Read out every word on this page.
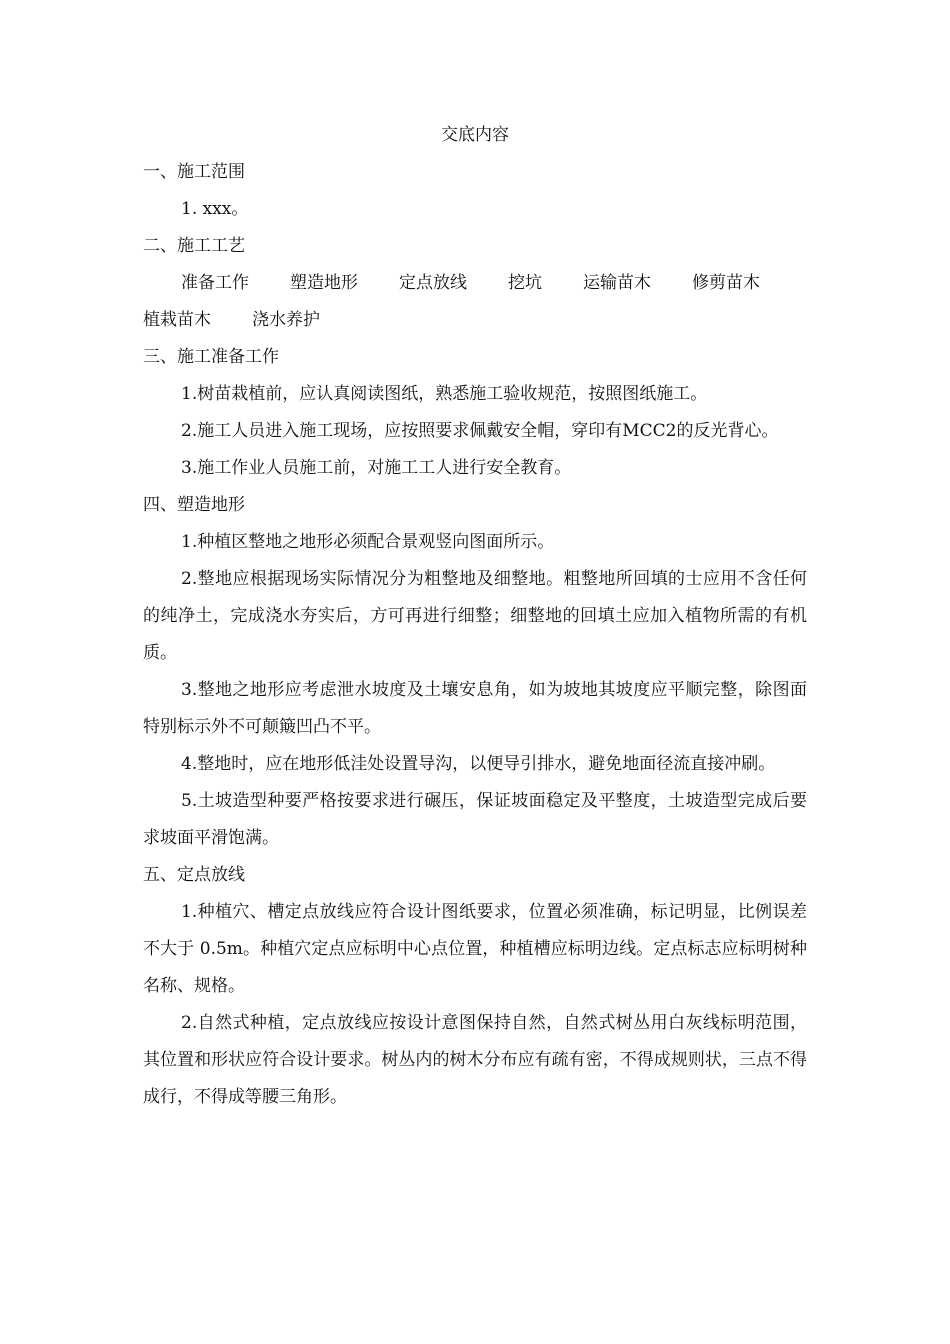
交底内容
一、施工范围

1. xxx。

二、施工工艺
准备工作 塑造地形 定点放线 挖坑 运输苗木 修剪苗木
植栽苗木 浇水养护
三、施工准备工作

1.树苗栽植前，应认真阅读图纸，熟悉施工验收规范，按照图纸施工。

2.施工人员进入施工现场，应按照要求佩戴安全帽，穿印有MCC2的反光背心。

3.施工作业人员施工前，对施工工人进行安全教育。

四、塑造地形

1.种植区整地之地形必须配合景观竖向图面所示。

2.整地应根据现场实际情况分为粗整地及细整地。粗整地所回填的士应用不含任何的纯净土，完成浇水夯实后，方可再进行细整；细整地的回填土应加入植物所需的有机质。

3.整地之地形应考虑泄水坡度及土壤安息角，如为坡地其坡度应平顺完整，除图面特别标示外不可颠簸凹凸不平。

4.整地时，应在地形低洼处设置导沟，以便导引排水，避免地面径流直接冲刷。

5.土坡造型种要严格按要求进行碾压，保证坡面稳定及平整度，土坡造型完成后要求坡面平滑饱满。

五、定点放线

1.种植穴、槽定点放线应符合设计图纸要求，位置必须准确，标记明显，比例误差不大于 0.5m。种植穴定点应标明中心点位置，种植槽应标明边线。定点标志应标明树种名称、规格。

2.自然式种植，定点放线应按设计意图保持自然，自然式树丛用白灰线标明范围，其位置和形状应符合设计要求。树丛内的树木分布应有疏有密，不得成规则状，三点不得成行，不得成等腰三角形。
